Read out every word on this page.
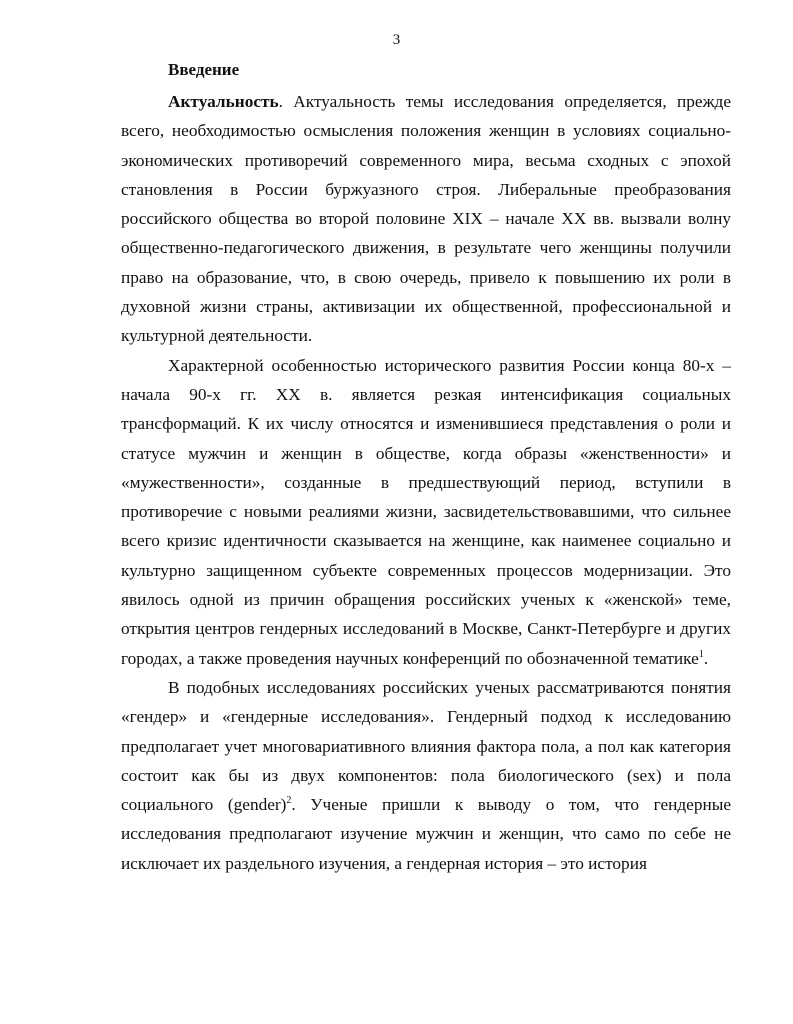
3
Введение

Актуальность. Актуальность темы исследования определяется, прежде всего, необходимостью осмысления положения женщин в условиях социально-экономических противоречий современного мира, весьма сходных с эпохой становления в России буржуазного строя. Либеральные преобразования российского общества во второй половине XIX – начале XX вв. вызвали волну общественно-педагогического движения, в результате чего женщины получили право на образование, что, в свою очередь, привело к повышению их роли в духовной жизни страны, активизации их общественной, профессиональной и культурной деятельности.

Характерной особенностью исторического развития России конца 80-х – начала 90-х гг. XX в. является резкая интенсификация социальных трансформаций. К их числу относятся и изменившиеся представления о роли и статусе мужчин и женщин в обществе, когда образы «женственности» и «мужественности», созданные в предшествующий период, вступили в противоречие с новыми реалиями жизни, засвидетельствовавшими, что сильнее всего кризис идентичности сказывается на женщине, как наименее социально и культурно защищенном субъекте современных процессов модернизации. Это явилось одной из причин обращения российских ученых к «женской» теме, открытия центров гендерных исследований в Москве, Санкт-Петербурге и других городах, а также проведения научных конференций по обозначенной тематике$^1$.

В подобных исследованиях российских ученых рассматриваются понятия «гендер» и «гендерные исследования». Гендерный подход к исследованию предполагает учет многовариативного влияния фактора пола, а пол как категория состоит как бы из двух компонентов: пола биологического (sex) и пола социального (gender)$^2$. Ученые пришли к выводу о том, что гендерные исследования предполагают изучение мужчин и женщин, что само по себе не исключает их раздельного изучения, а гендерная история – это история
